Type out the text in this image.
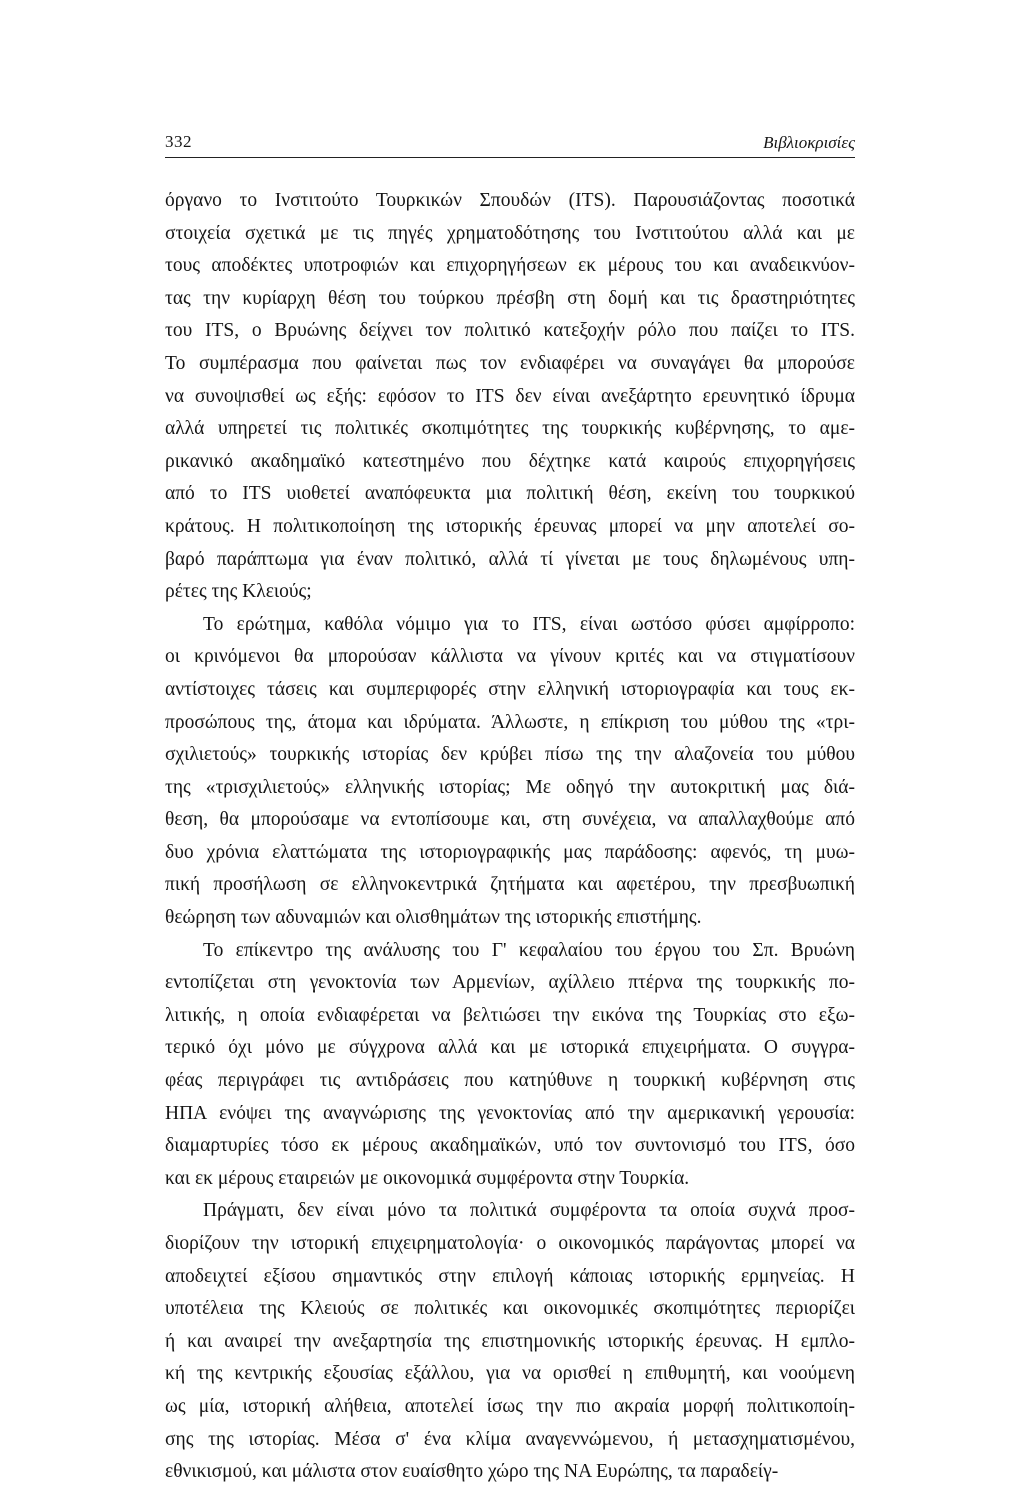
332	Βιβλιοκρισίες
όργανο το Ινστιτούτο Τουρκικών Σπουδών (ITS). Παρουσιάζοντας ποσοτικά
στοιχεία σχετικά με τις πηγές χρηματοδότησης του Ινστιτούτου αλλά και με
τους αποδέκτες υποτροφιών και επιχορηγήσεων εκ μέρους του και αναδεικνύον-
τας την κυρίαρχη θέση του τούρκου πρέσβη στη δομή και τις δραστηριότητες
του ITS, ο Βρυώνης δείχνει τον πολιτικό κατεξοχήν ρόλο που παίζει το ITS.
Το συμπέρασμα που φαίνεται πως τον ενδιαφέρει να συναγάγει θα μπορούσε
να συνοψισθεί ως εξής: εφόσον το ITS δεν είναι ανεξάρτητο ερευνητικό ίδρυμα
αλλά υπηρετεί τις πολιτικές σκοπιμότητες της τουρκικής κυβέρνησης, το αμε-
ρικανικό ακαδημαϊκό κατεστημένο που δέχτηκε κατά καιρούς επιχορηγήσεις
από το ITS υιοθετεί αναπόφευκτα μια πολιτική θέση, εκείνη του τουρκικού
κράτους. Η πολιτικοποίηση της ιστορικής έρευνας μπορεί να μην αποτελεί σο-
βαρό παράπτωμα για έναν πολιτικό, αλλά τί γίνεται με τους δηλωμένους υπη-
ρέτες της Κλειούς;
Το ερώτημα, καθόλα νόμιμο για το ITS, είναι ωστόσο φύσει αμφίρροπο:
οι κρινόμενοι θα μπορούσαν κάλλιστα να γίνουν κριτές και να στιγματίσουν
αντίστοιχες τάσεις και συμπεριφορές στην ελληνική ιστοριογραφία και τους εκ-
προσώπους της, άτομα και ιδρύματα. Άλλωστε, η επίκριση του μύθου της «τρι-
σχιλιετούς» τουρκικής ιστορίας δεν κρύβει πίσω της την αλαζονεία του μύθου
της «τρισχιλιετούς» ελληνικής ιστορίας; Με οδηγό την αυτοκριτική μας διά-
θεση, θα μπορούσαμε να εντοπίσουμε και, στη συνέχεια, να απαλλαχθούμε από
δυο χρόνια ελαττώματα της ιστοριογραφικής μας παράδοσης: αφενός, τη μυω-
πική προσήλωση σε ελληνοκεντρικά ζητήματα και αφετέρου, την πρεσβυωπική
θεώρηση των αδυναμιών και ολισθημάτων της ιστορικής επιστήμης.
Το επίκεντρο της ανάλυσης του Γ' κεφαλαίου του έργου του Σπ. Βρυώνη
εντοπίζεται στη γενοκτονία των Αρμενίων, αχίλλειο πτέρνα της τουρκικής πο-
λιτικής, η οποία ενδιαφέρεται να βελτιώσει την εικόνα της Τουρκίας στο εξω-
τερικό όχι μόνο με σύγχρονα αλλά και με ιστορικά επιχειρήματα. Ο συγγρα-
φέας περιγράφει τις αντιδράσεις που κατηύθυνε η τουρκική κυβέρνηση στις
ΗΠΑ ενόψει της αναγνώρισης της γενοκτονίας από την αμερικανική γερουσία:
διαμαρτυρίες τόσο εκ μέρους ακαδημαϊκών, υπό τον συντονισμό του ITS, όσο
και εκ μέρους εταιρειών με οικονομικά συμφέροντα στην Τουρκία.
Πράγματι, δεν είναι μόνο τα πολιτικά συμφέροντα τα οποία συχνά προσ-
διορίζουν την ιστορική επιχειρηματολογία· ο οικονομικός παράγοντας μπορεί να
αποδειχτεί εξίσου σημαντικός στην επιλογή κάποιας ιστορικής ερμηνείας. Η
υποτέλεια της Κλειούς σε πολιτικές και οικονομικές σκοπιμότητες περιορίζει
ή και αναιρεί την ανεξαρτησία της επιστημονικής ιστορικής έρευνας. Η εμπλο-
κή της κεντρικής εξουσίας εξάλλου, για να ορισθεί η επιθυμητή, και νοούμενη
ως μία, ιστορική αλήθεια, αποτελεί ίσως την πιο ακραία μορφή πολιτικοποίη-
σης της ιστορίας. Μέσα σ' ένα κλίμα αναγεννώμενου, ή μετασχηματισμένου,
εθνικισμού, και μάλιστα στον ευαίσθητο χώρο της ΝΑ Ευρώπης, τα παραδείγ-
